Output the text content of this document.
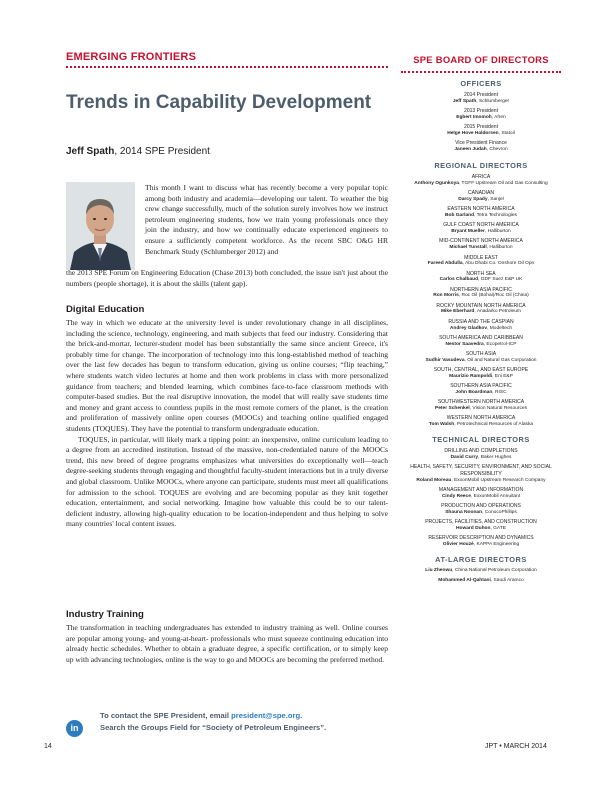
EMERGING FRONTIERS
Trends in Capability Development
Jeff Spath, 2014 SPE President

This month I want to discuss what has recently become a very popular topic among both industry and academia—developing our talent. To weather the big crew change successfully, much of the solution surely involves how we instruct petroleum engineering students, how we train young professionals once they join the industry, and how we continually educate experienced engineers to ensure a sufficiently competent workforce. As the recent SBC O&G HR Benchmark Study (Schlumberger 2012) and

the 2013 SPE Forum on Engineering Education (Chase 2013) both concluded, the issue isn't just about the numbers (people shortage), it is about the skills (talent gap).

Digital Education

The way in which we educate at the university level is under revolutionary change in all disciplines, including the science, technology, engineering, and math subjects that feed our industry. Considering that the brick-and-mortar, lecturer-student model has been substantially the same since ancient Greece, it's probably time for change. The incorporation of technology into this long-established method of teaching over the last few decades has begun to transform education, giving us online courses; “flip teaching,” where students watch video lectures at home and then work problems in class with more personalized guidance from teachers; and blended learning, which combines face-to-face classroom methods with computer-based studies. But the real disruptive innovation, the model that will really save students time and money and grant access to countless pupils in the most remote corners of the planet, is the creation and proliferation of massively online open courses (MOOCs) and teaching online qualified engaged students (TOQUES). They have the potential to transform undergraduate education.

TOQUES, in particular, will likely mark a tipping point: an inexpensive, online curriculum leading to a degree from an accredited institution. Instead of the massive, non-credentialed nature of the MOOCs trend, this new breed of degree programs emphasizes what universities do exceptionally well—teach degree-seeking students through engaging and thoughtful faculty-student interactions but in a truly diverse and global classroom. Unlike MOOCs, where anyone can participate, students must meet all qualifications for admission to the school. TOQUES are evolving and are becoming popular as they knit together education, entertainment, and social networking. Imagine how valuable this could be to our talent-deficient industry, allowing high-quality education to be location-independent and thus helping to solve many countries' local content issues.

Industry Training

The transformation in teaching undergraduates has extended to industry training as well. Online courses are popular among young- and young-at-heart- professionals who must squeeze continuing education into already hectic schedules. Whether to obtain a graduate degree, a specific certification, or to simply keep up with advancing technologies, online is the way to go and MOOCs are becoming the preferred method.

SPE BOARD OF DIRECTORS
OFFICERS
2014 President
Jeff Spath, Schlumberger
2013 President
Egbert Imomoh, Afren
2015 President
Helge Hove Haldorsen, Statoil
Vice President Finance
Janeen Judah, Chevron
REGIONAL DIRECTORS
AFRICA
Anthony Ogunkoya, TGFF Upstream Oil and Gas Consulting
CANADIAN
Darcy Spady, Sanjel
EASTERN NORTH AMERICA
Bob Garland, Tetra Technologies
GULF COAST NORTH AMERICA
Bryant Mueller, Halliburton
MID-CONTINENT NORTH AMERICA
Michael Tunstall, Halliburton
MIDDLE EAST
Fareed Abdulla, Abu Dhabi Co. Onshore Oil Opn
NORTH SEA
Carlos Chalbaud, GDF Suez E&P UK
NORTHERN ASIA PACIFIC
Ron Morris, Roc Oil (Bohai)/Roc Oil (China)
ROCKY MOUNTAIN NORTH AMERICA
Mike Eberhard, Anadarko Petroleum
RUSSIA AND THE CASPIAN
Andrey Gladkov, Modeltech
SOUTH AMERICA AND CARIBBEAN
Nestor Saavedra, Ecopetrol-ICP
SOUTH ASIA
Sudhir Vasudeva, Oil and Natural Gas Corporation
SOUTH, CENTRAL, AND EAST EUROPE
Maurizio Rampoldi, Eni E&P
SOUTHERN ASIA PACIFIC
John Boardman, RISC
SOUTHWESTERN NORTH AMERICA
Peter Schenkel, Vision Natural Resources
WESTERN NORTH AMERICA
Tom Walsh, Petrotechnical Resources of Alaska
TECHNICAL DIRECTORS
DRILLING AND COMPLETIONS
David Curry, Baker Hughes
HEALTH, SAFETY, SECURITY, ENVIRONMENT, AND SOCIAL RESPONSIBILITY
Roland Moreau, ExxonMobil Upstream Research Company
MANAGEMENT AND INFORMATION
Cindy Reece, ExxonMobil Annuitant
PRODUCTION AND OPERATIONS
Shauna Noonan, ConocoPhillips
PROJECTS, FACILITIES, AND CONSTRUCTION
Howard Duhon, GATE
RESERVOIR DESCRIPTION AND DYNAMICS
Olivier Houzé, KAPPA Engineering
AT-LARGE DIRECTORS
Liu Zhenwu, China National Petroleum Corporation
Mohammed Al-Qahtani, Saudi Aramco
in
To contact the SPE President, email president@spe.org.
Search the Groups Field for “Society of Petroleum Engineers”.
14	JPT • MARCH 2014
